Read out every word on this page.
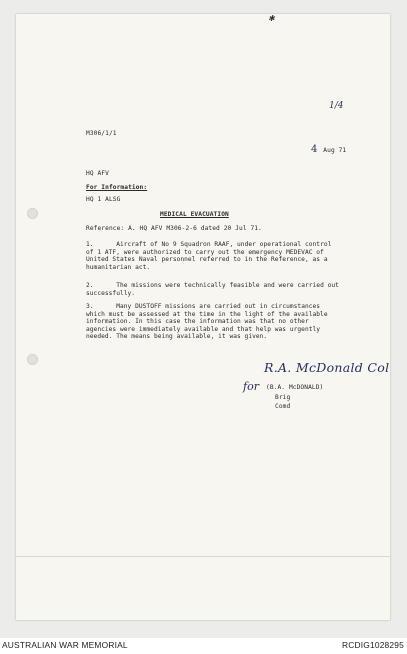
✱
1/4
M306/1/1
4 Aug 71
HQ AFV
For Information:
HQ 1 ALSG
MEDICAL EVACUATION
Reference: A. HQ AFV M306-2-6 dated 20 Jul 71.
1.	Aircraft of No 9 Squadron RAAF, under operational control of 1 ATF, were authorized to carry out the emergency MEDEVAC of United States Naval personnel referred to in the Reference, as a humanitarian act.
2.	The missions were technically feasible and were carried out successfully.
3.	Many DUSTOFF missions are carried out in circumstances which must be assessed at the time in the light of the available information. In this case the information was that no other agencies were immediately available and that help was urgently needed. The means being available, it was given.
R.A. McDonald Col
for (B.A. McDONALD)
Brig
Comd
AUSTRALIAN WAR MEMORIAL	RCDIG1028295
